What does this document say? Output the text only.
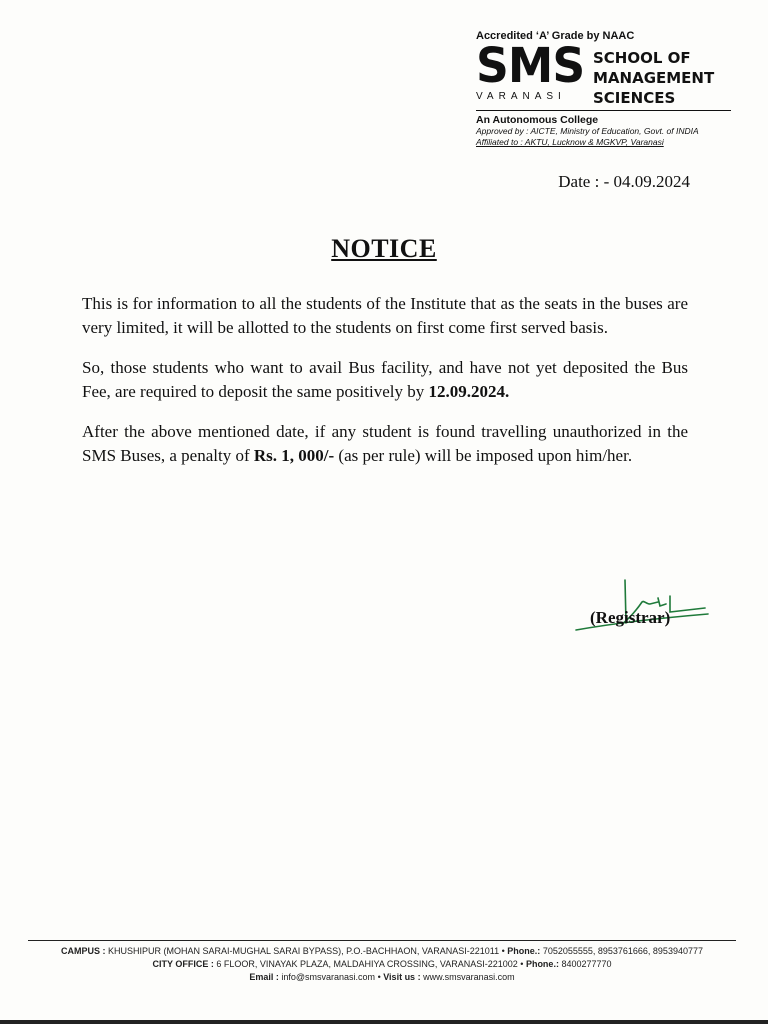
Accredited ‘A’ Grade by NAAC
SMS
VARANASI
SCHOOL OF
MANAGEMENT
SCIENCES
An Autonomous College
Approved by : AICTE, Ministry of Education, Govt. of INDIA
Affiliated to : AKTU, Lucknow & MGKVP, Varanasi
Date : - 04.09.2024
NOTICE

This is for information to all the students of the Institute that as the seats in the buses are very limited, it will be allotted to the students on first come first served basis.

So, those students who want to avail Bus facility, and have not yet deposited the Bus Fee, are required to deposit the same positively by 12.09.2024.

After the above mentioned date, if any student is found travelling unauthorized in the SMS Buses, a penalty of Rs. 1, 000/- (as per rule) will be imposed upon him/her.

(Registrar)
CAMPUS : KHUSHIPUR (MOHAN SARAI-MUGHAL SARAI BYPASS), P.O.-BACHHAON, VARANASI-221011 • Phone.: 7052055555, 8953761666, 8953940777
CITY OFFICE : 6 FLOOR, VINAYAK PLAZA, MALDAHIYA CROSSING, VARANASI-221002 • Phone.: 8400277770
Email : info@smsvaranasi.com • Visit us : www.smsvaranasi.com
